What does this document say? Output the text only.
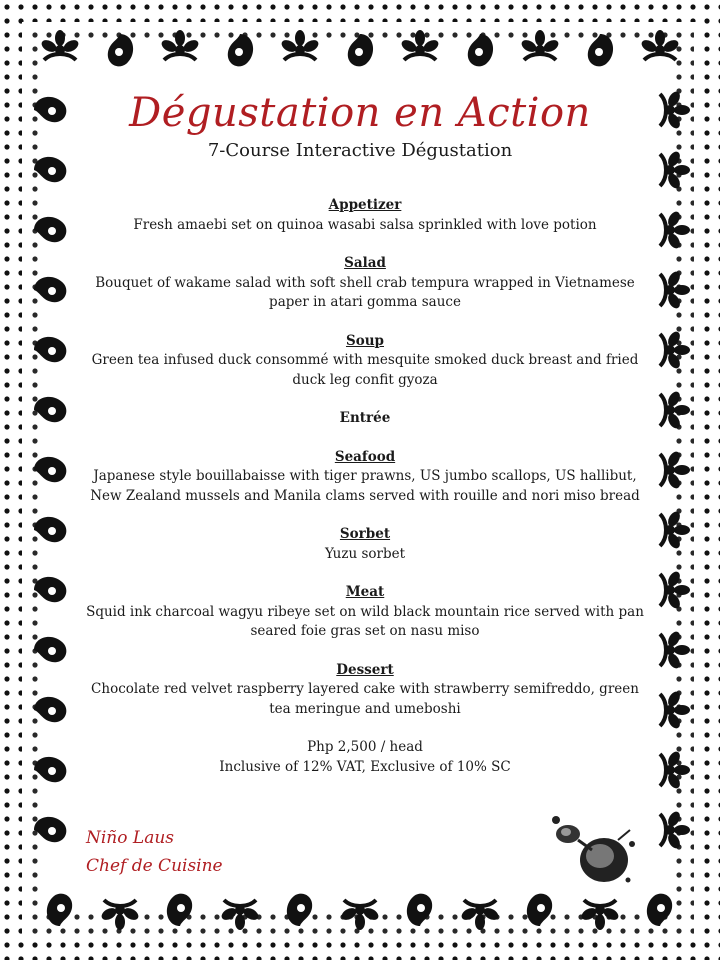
Dégustation en Action
7-Course Interactive Dégustation
Appetizer
Fresh amaebi set on quinoa wasabi salsa sprinkled with love potion
Salad
Bouquet of wakame salad with soft shell crab tempura wrapped in Vietnamese paper in atari gomma sauce
Soup
Green tea infused duck consommé with mesquite smoked duck breast and fried duck leg confit gyoza
Entrée
Seafood
Japanese style bouillabaisse with tiger prawns, US jumbo scallops, US hallibut, New Zealand mussels and Manila clams served with rouille and nori miso bread
Sorbet
Yuzu sorbet
Meat
Squid ink charcoal wagyu ribeye set on wild black mountain rice served with pan seared foie gras set on nasu miso
Dessert
Chocolate red velvet raspberry layered cake with strawberry semifreddo, green tea meringue and umeboshi
Php 2,500 / head
Inclusive of 12% VAT, Exclusive of 10% SC
Niño Laus
Chef de Cuisine
